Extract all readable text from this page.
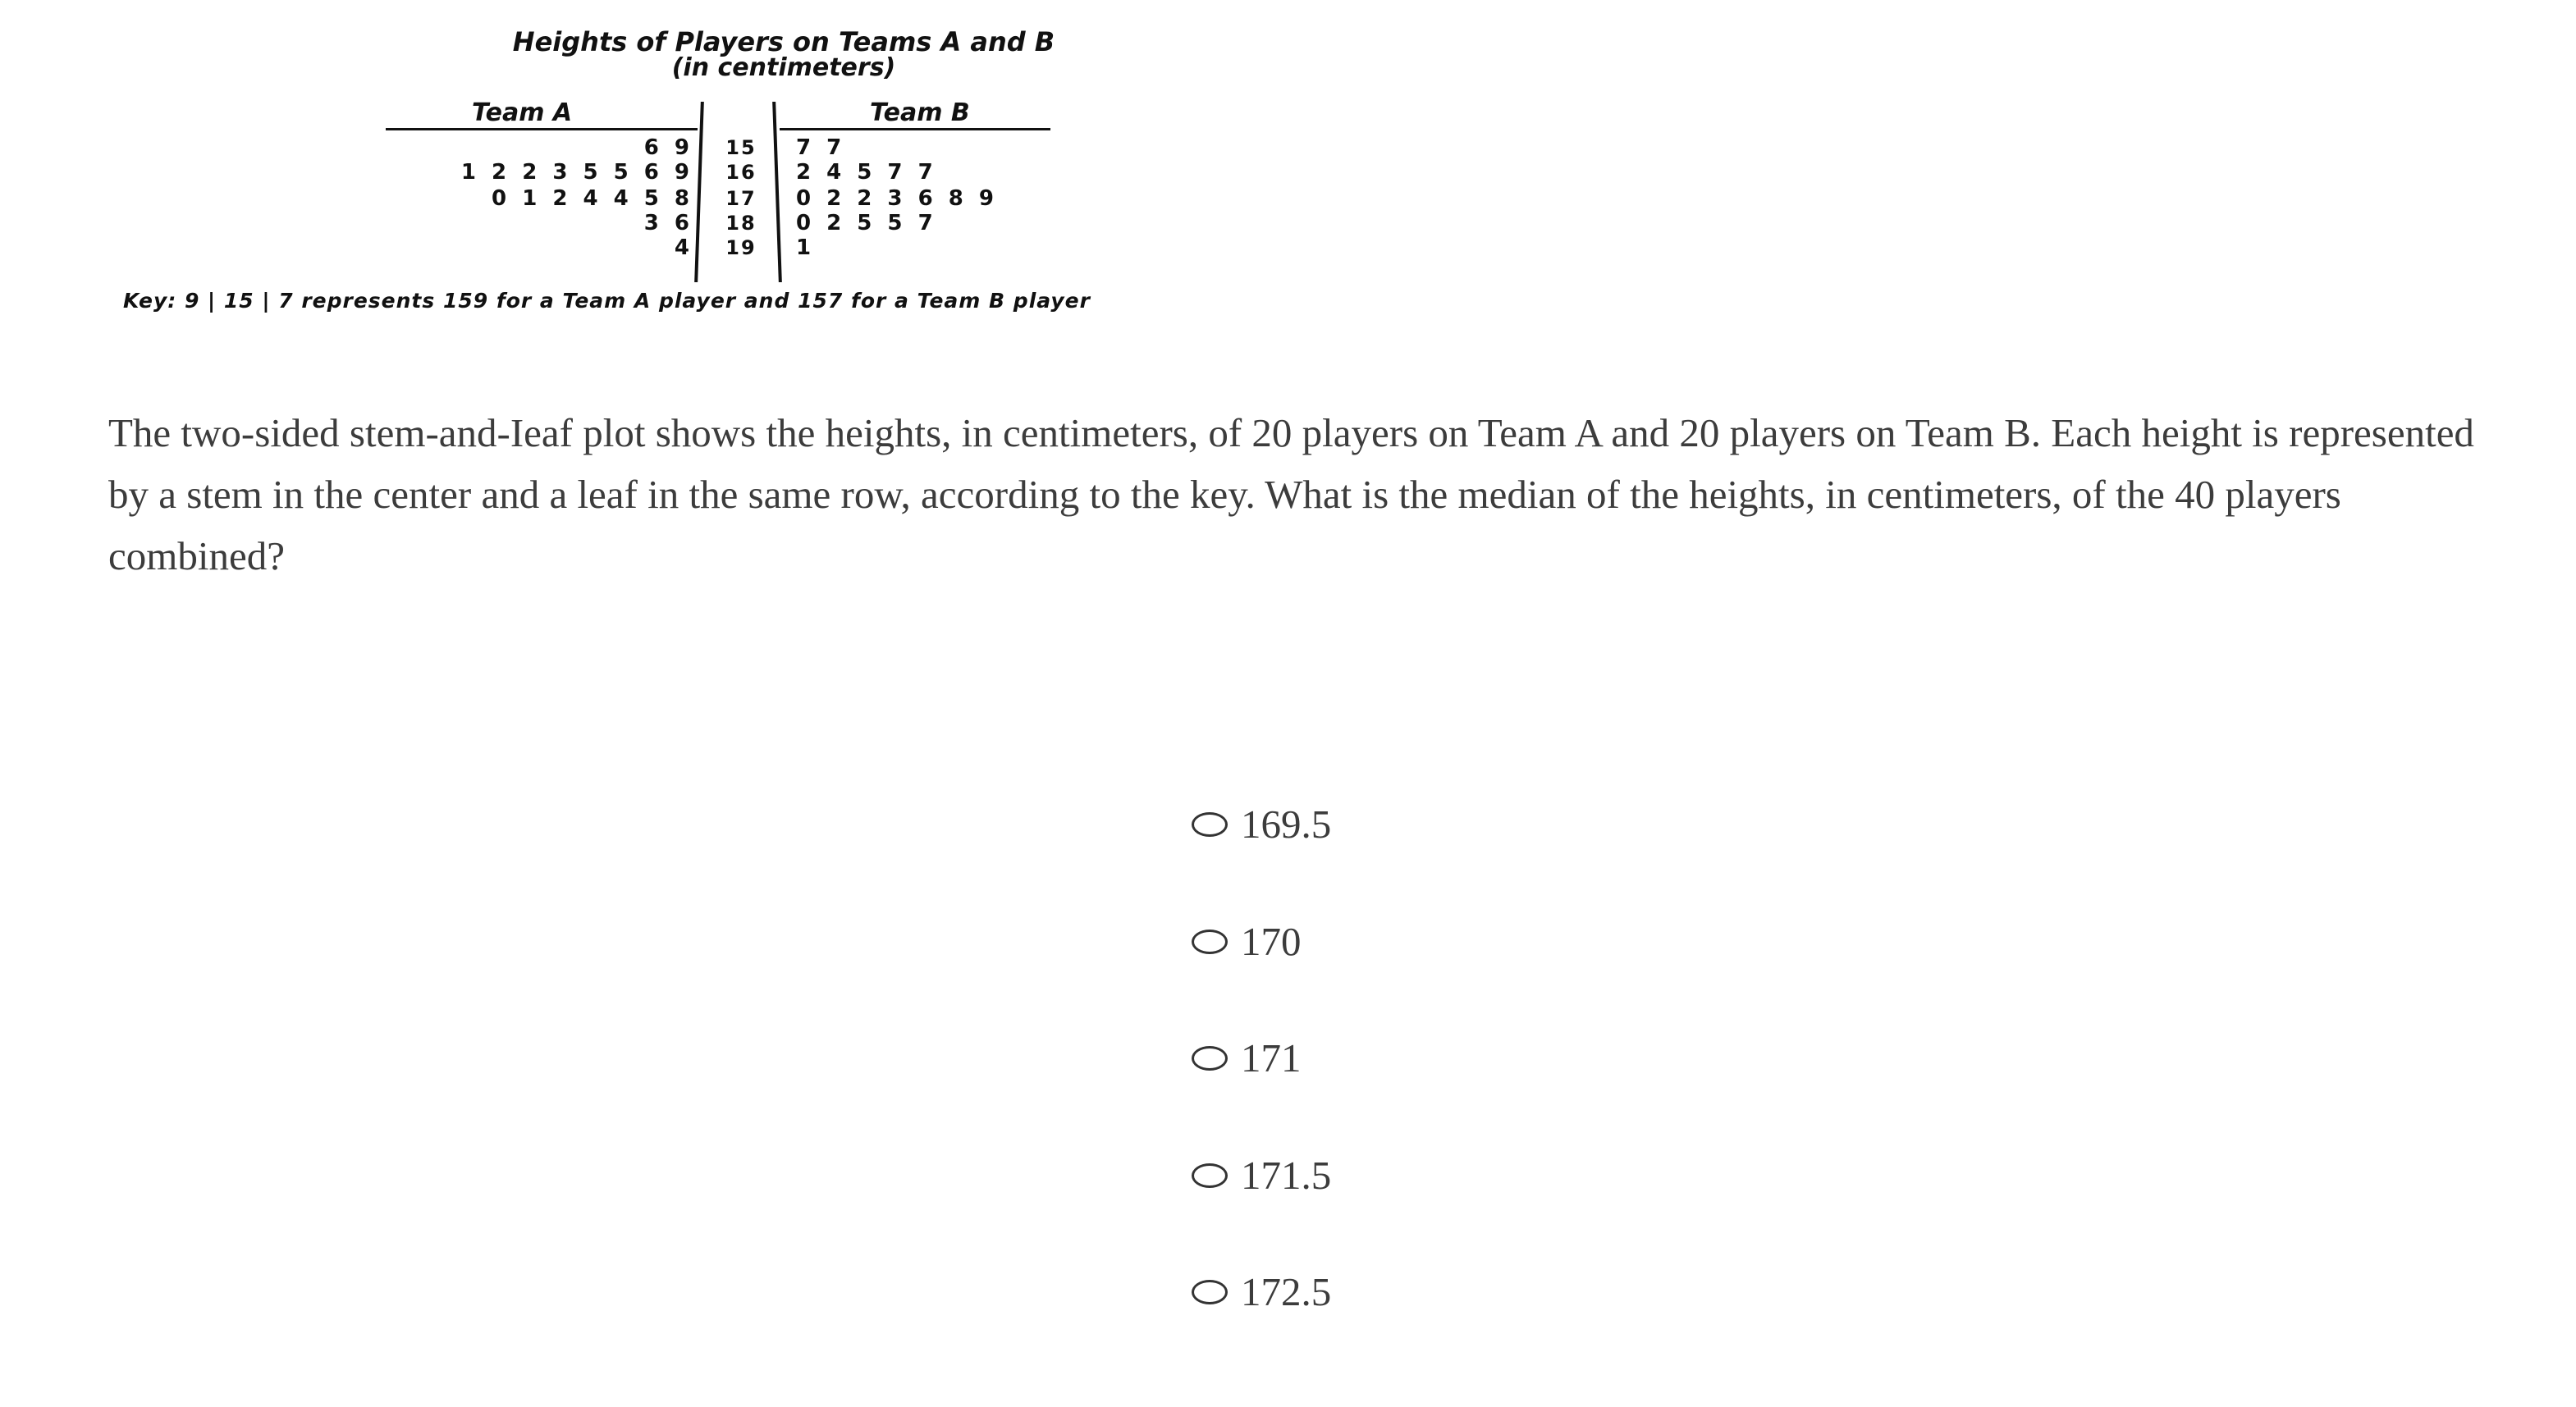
Heights of Players on Teams A and B
(in centimeters)
Team A	Team B
6 9	15	7 7
1 2 2 3 5 5 6 9	16	2 4 5 7 7
0 1 2 4 4 5 8	17	0 2 2 3 6 8 9
3 6	18	0 2 5 5 7
4	19	1
Key: 9 | 15 | 7 represents 159 for a Team A player and 157 for a Team B player
The two-sided stem-and-Ieaf plot shows the heights, in centimeters, of 20 players on Team A and 20 players on Team B. Each height is represented by a stem in the center and a leaf in the same row, according to the key. What is the median of the heights, in centimeters, of the 40 players combined?
169.5
170
171
171.5
172.5
